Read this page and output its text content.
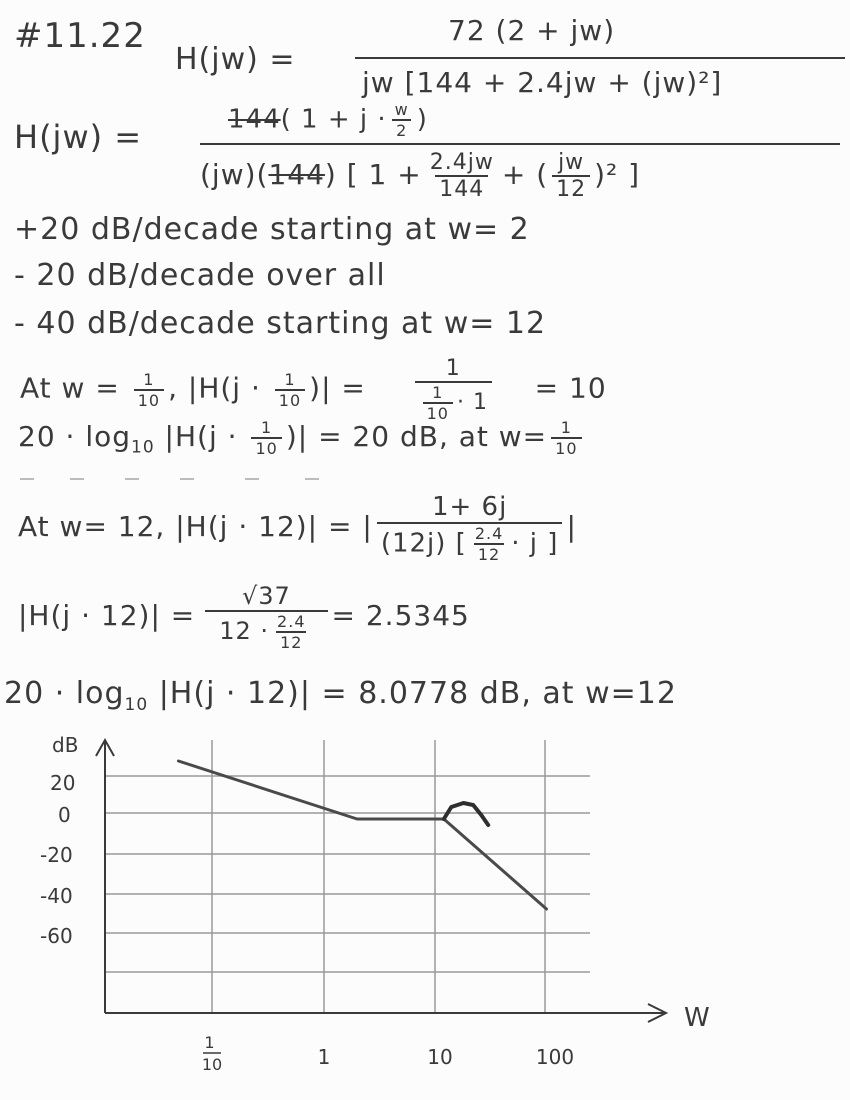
#11.22
H(jw) =
72 (2 + jw)
jw [144 + 2.4jw + (jw)²]
H(jw) =	144( $1 + j \cdot \frac{w}{2}$ )
(jw)(144) [ $1 + \frac{2.4jw}{144}$ + ( $\frac{jw}{12} )^2$ ]
+20 dB/decade starting at w= 2
- 20 dB/decade over all
- 40 dB/decade starting at w= 12
At $w = \frac{1}{10}$ , $|H(j \cdot \frac{1}{10}$ )| = $\frac{1}{\frac{1}{10} \cdot 1} = 10$
$20 \cdot \log_{10} |H(j \cdot \frac{1}{10}$ )| = 20 dB, at $w= \frac{1}{10}$
At w= 12, |H(j · 12)| = | $\frac{1+ 6j}{(12j) [ \frac{2.4}{12} \cdot j ]}$ |
$|H(j \cdot 12)| = \frac{√37}{12 \cdot \frac{2.4}{12}} = 2.5345$
$20 \cdot \log_{10} |H(j \cdot 12)| = 8.0778$ dB, at w=12
dB
W
20
0
-20
-40
-60
1 10	1	10	100
